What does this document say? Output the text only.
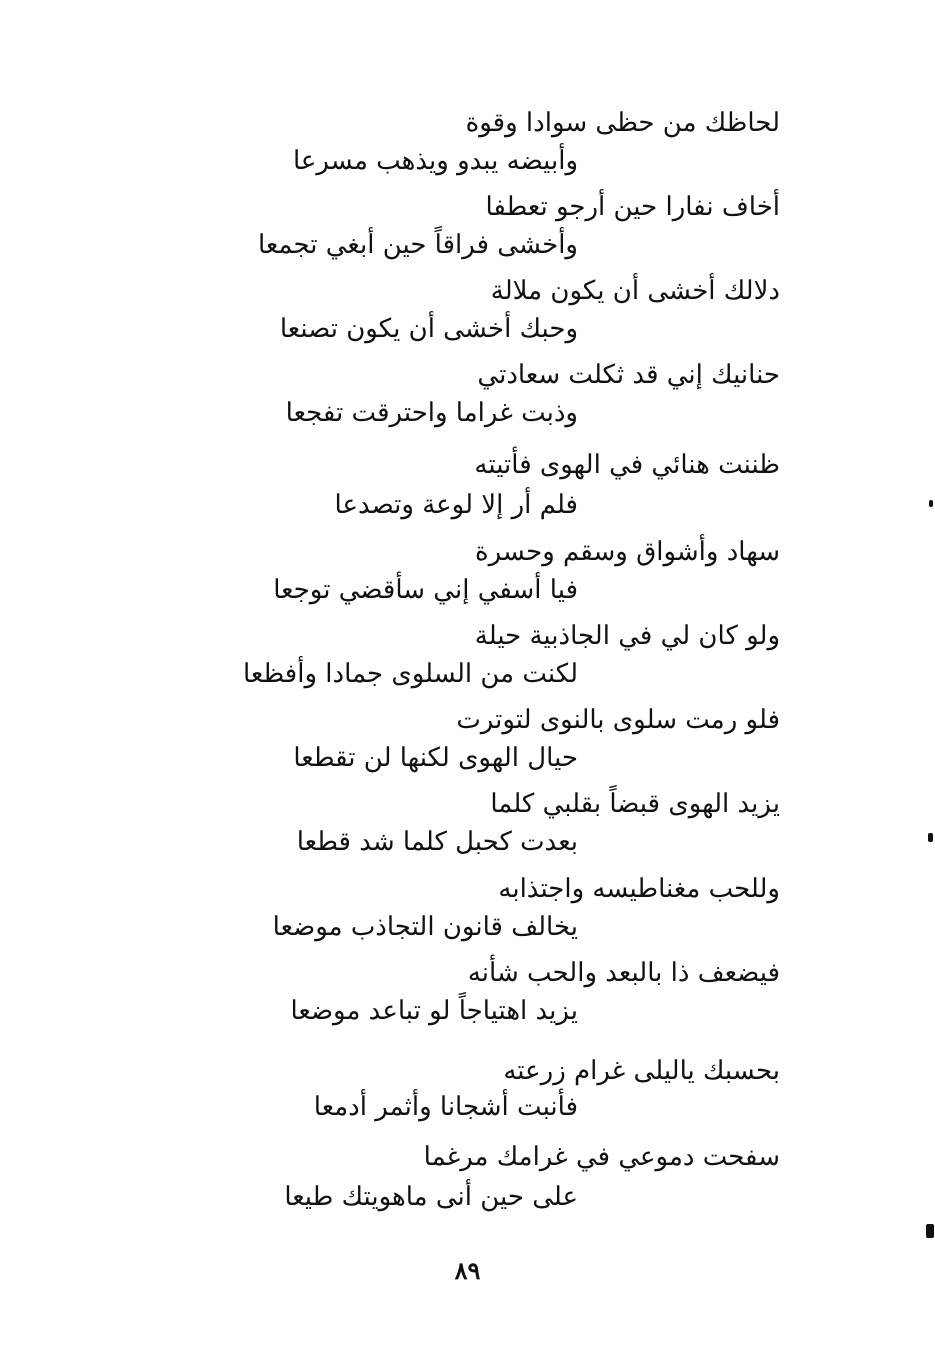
لحاظك من حظى سوادا وقوة
وأبيضه يبدو ويذهب مسرعا
أخاف نفارا حين أرجو تعطفا
وأخشى فراقاً حين أبغي تجمعا
دلالك أخشى أن يكون ملالة
وحبك أخشى أن يكون تصنعا
حنانيك إني قد ثكلت سعادتي
وذبت غراما واحترقت تفجعا
ظننت هنائي في الهوى فأتيته
فلم أر إلا لوعة وتصدعا
سهاد وأشواق وسقم وحسرة
فيا أسفي إني سأقضي توجعا
ولو كان لي في الجاذبية حيلة
لكنت من السلوى جمادا وأفظعا
فلو رمت سلوى بالنوى لتوترت
حيال الهوى لكنها لن تقطعا
يزيد الهوى قبضاً بقلبي كلما
بعدت كحبل كلما شد قطعا
وللحب مغناطيسه واجتذابه
يخالف قانون التجاذب موضعا
فيضعف ذا بالبعد والحب شأنه
يزيد اهتياجاً لو تباعد موضعا
بحسبك ياليلى غرام زرعته
فأنبت أشجانا وأثمر أدمعا
سفحت دموعي في غرامك مرغما
على حين أنى ماهويتك طيعا
٨٩
